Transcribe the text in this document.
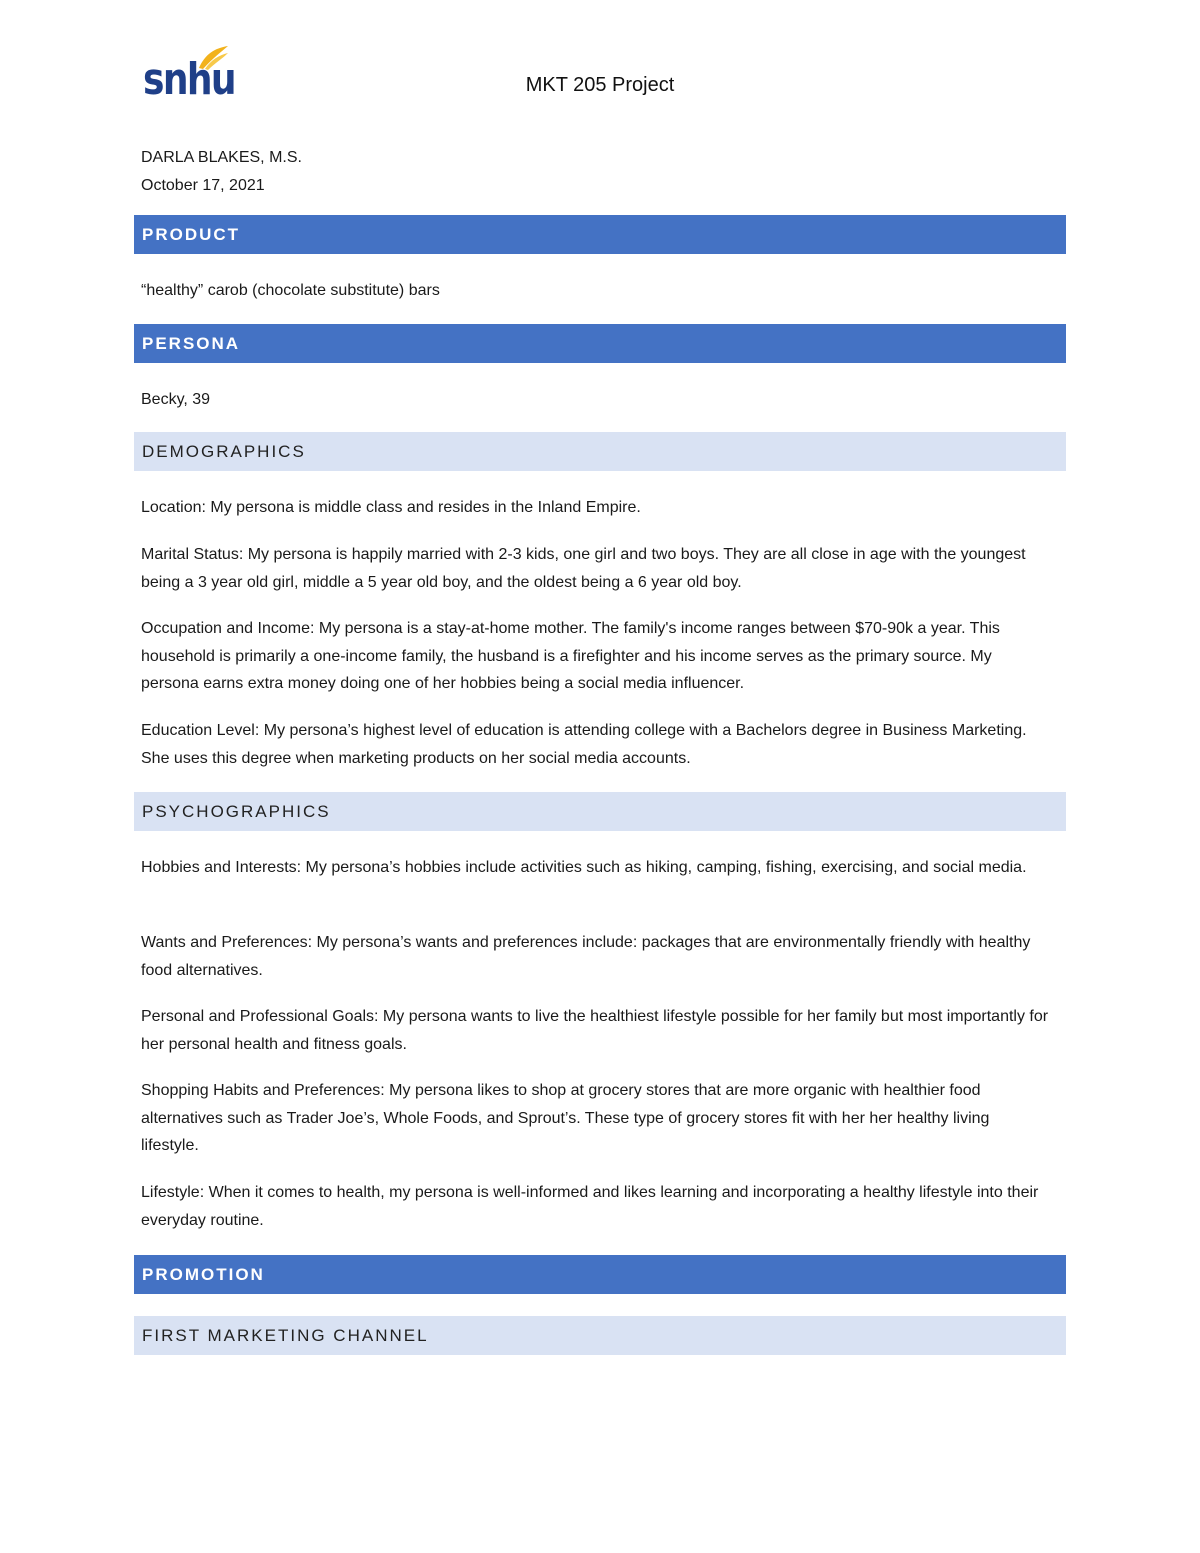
snhu	MKT 205 Project
DARLA BLAKES, M.S.
October 17, 2021
PRODUCT
“healthy” carob (chocolate substitute) bars
PERSONA
Becky, 39
DEMOGRAPHICS
Location: My persona is middle class and resides in the Inland Empire.
Marital Status: My persona is happily married with 2-3 kids, one girl and two boys. They are all close in age with the youngest being a 3 year old girl, middle a 5 year old boy, and the oldest being a 6 year old boy.
Occupation and Income: My persona is a stay-at-home mother. The family's income ranges between $70-90k a year. This household is primarily a one-income family, the husband is a firefighter and his income serves as the primary source. My persona earns extra money doing one of her hobbies being a social media influencer.
Education Level: My persona’s highest level of education is attending college with a Bachelors degree in Business Marketing. She uses this degree when marketing products on her social media accounts.
PSYCHOGRAPHICS
Hobbies and Interests: My persona’s hobbies include activities such as hiking, camping, fishing, exercising, and social media.
Wants and Preferences: My persona’s wants and preferences include: packages that are environmentally friendly with healthy food alternatives.
Personal and Professional Goals: My persona wants to live the healthiest lifestyle possible for her family but most importantly for her personal health and fitness goals.
Shopping Habits and Preferences: My persona likes to shop at grocery stores that are more organic with healthier food alternatives such as Trader Joe’s, Whole Foods, and Sprout’s. These type of grocery stores fit with her her healthy living lifestyle.
Lifestyle: When it comes to health, my persona is well-informed and likes learning and incorporating a healthy lifestyle into their everyday routine.
PROMOTION
FIRST MARKETING CHANNEL
